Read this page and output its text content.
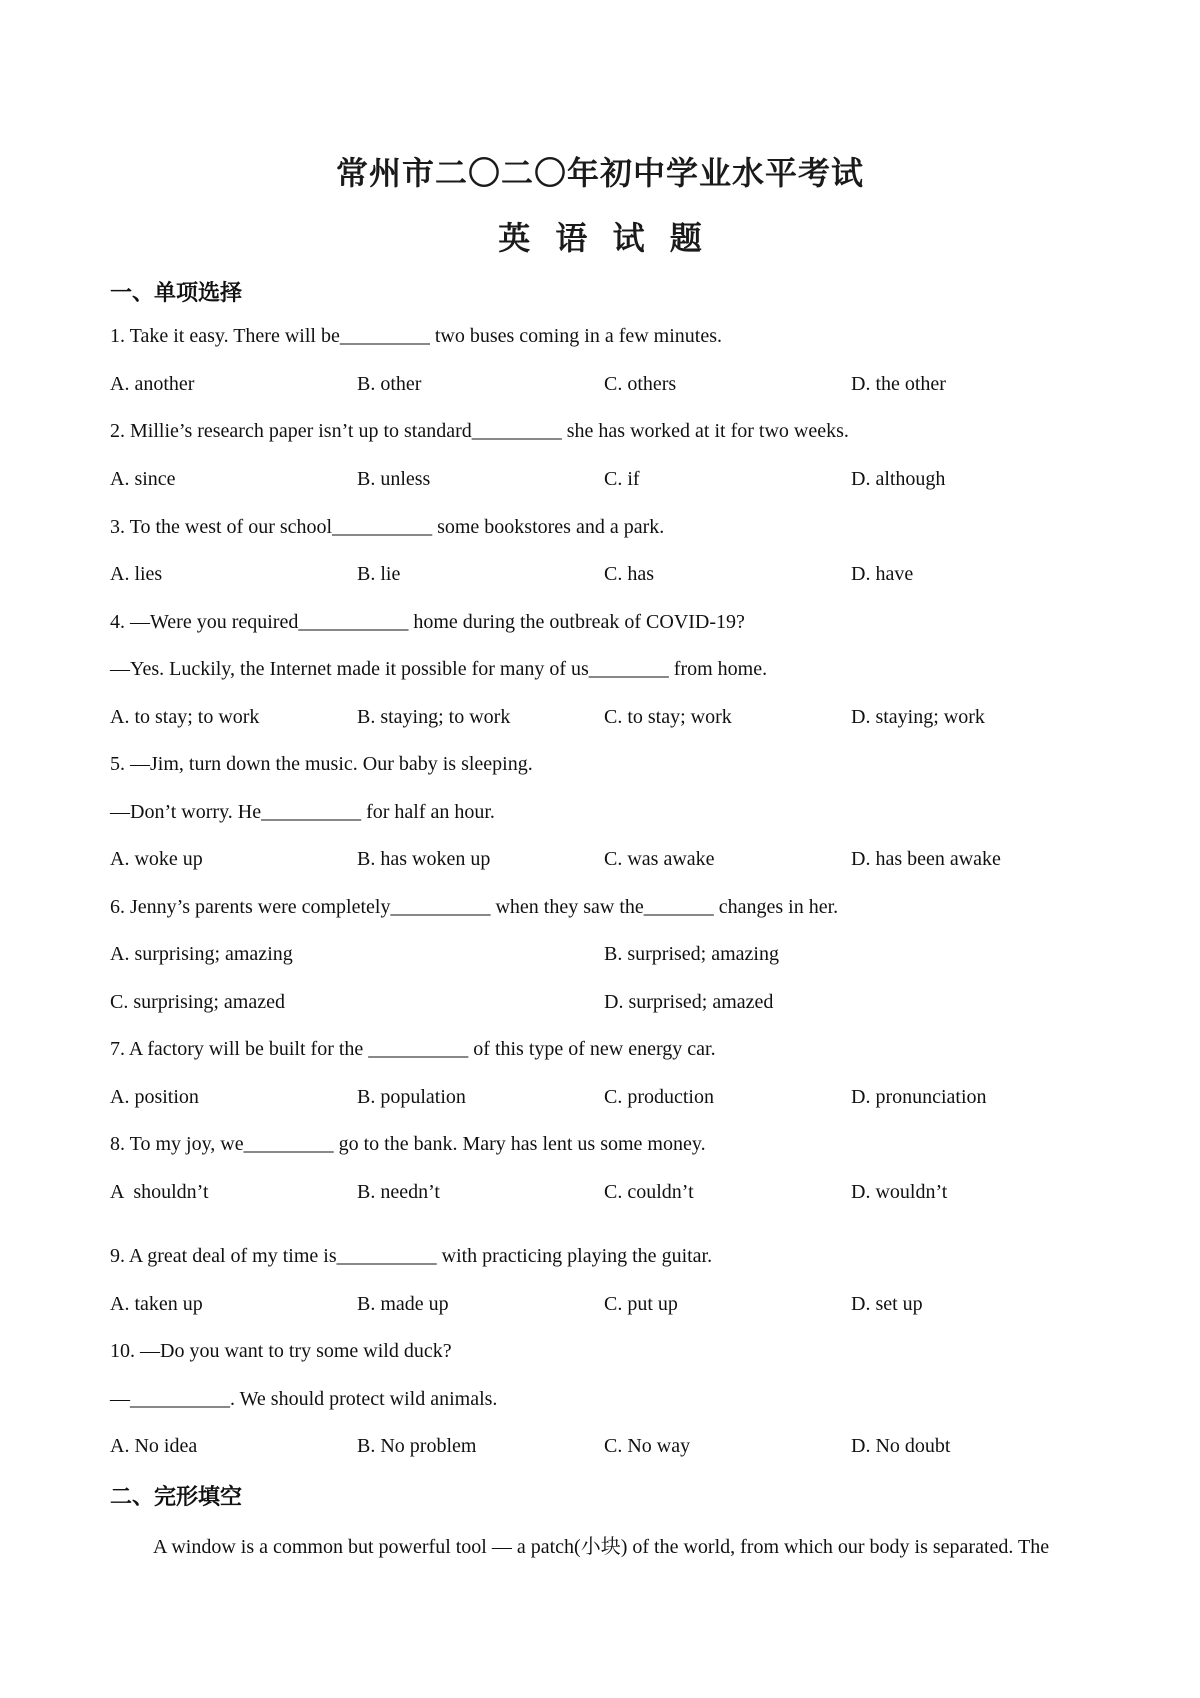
常州市二〇二〇年初中学业水平考试
英 语 试 题
一、单项选择
1. Take it easy. There will be_________ two buses coming in a few minutes.
A. another	B. other	C. others	D. the other
2. Millie’s research paper isn’t up to standard_________ she has worked at it for two weeks.
A. since	B. unless	C. if	D. although
3. To the west of our school__________ some bookstores and a park.
A. lies	B. lie	C. has	D. have
4. —Were you required___________ home during the outbreak of COVID-19?
—Yes. Luckily, the Internet made it possible for many of us________ from home.
A. to stay; to work	B. staying; to work	C. to stay; work	D. staying; work
5. —Jim, turn down the music. Our baby is sleeping.
—Don’t worry. He__________ for half an hour.
A. woke up	B. has woken up	C. was awake	D. has been awake
6. Jenny’s parents were completely__________ when they saw the_______ changes in her.
A. surprising; amazing	B. surprised; amazing
C. surprising; amazed	D. surprised; amazed
7. A factory will be built for the __________ of this type of new energy car.
A. position	B. population	C. production	D. pronunciation
8. To my joy, we_________ go to the bank. Mary has lent us some money.
A  shouldn’t	B. needn’t	C. couldn’t	D. wouldn’t
9. A great deal of my time is__________ with practicing playing the guitar.
A. taken up	B. made up	C. put up	D. set up
10. —Do you want to try some wild duck?
—__________. We should protect wild animals.
A. No idea	B. No problem	C. No way	D. No doubt
二、完形填空
A window is a common but powerful tool — a patch(小块) of the world, from which our body is separated. The
